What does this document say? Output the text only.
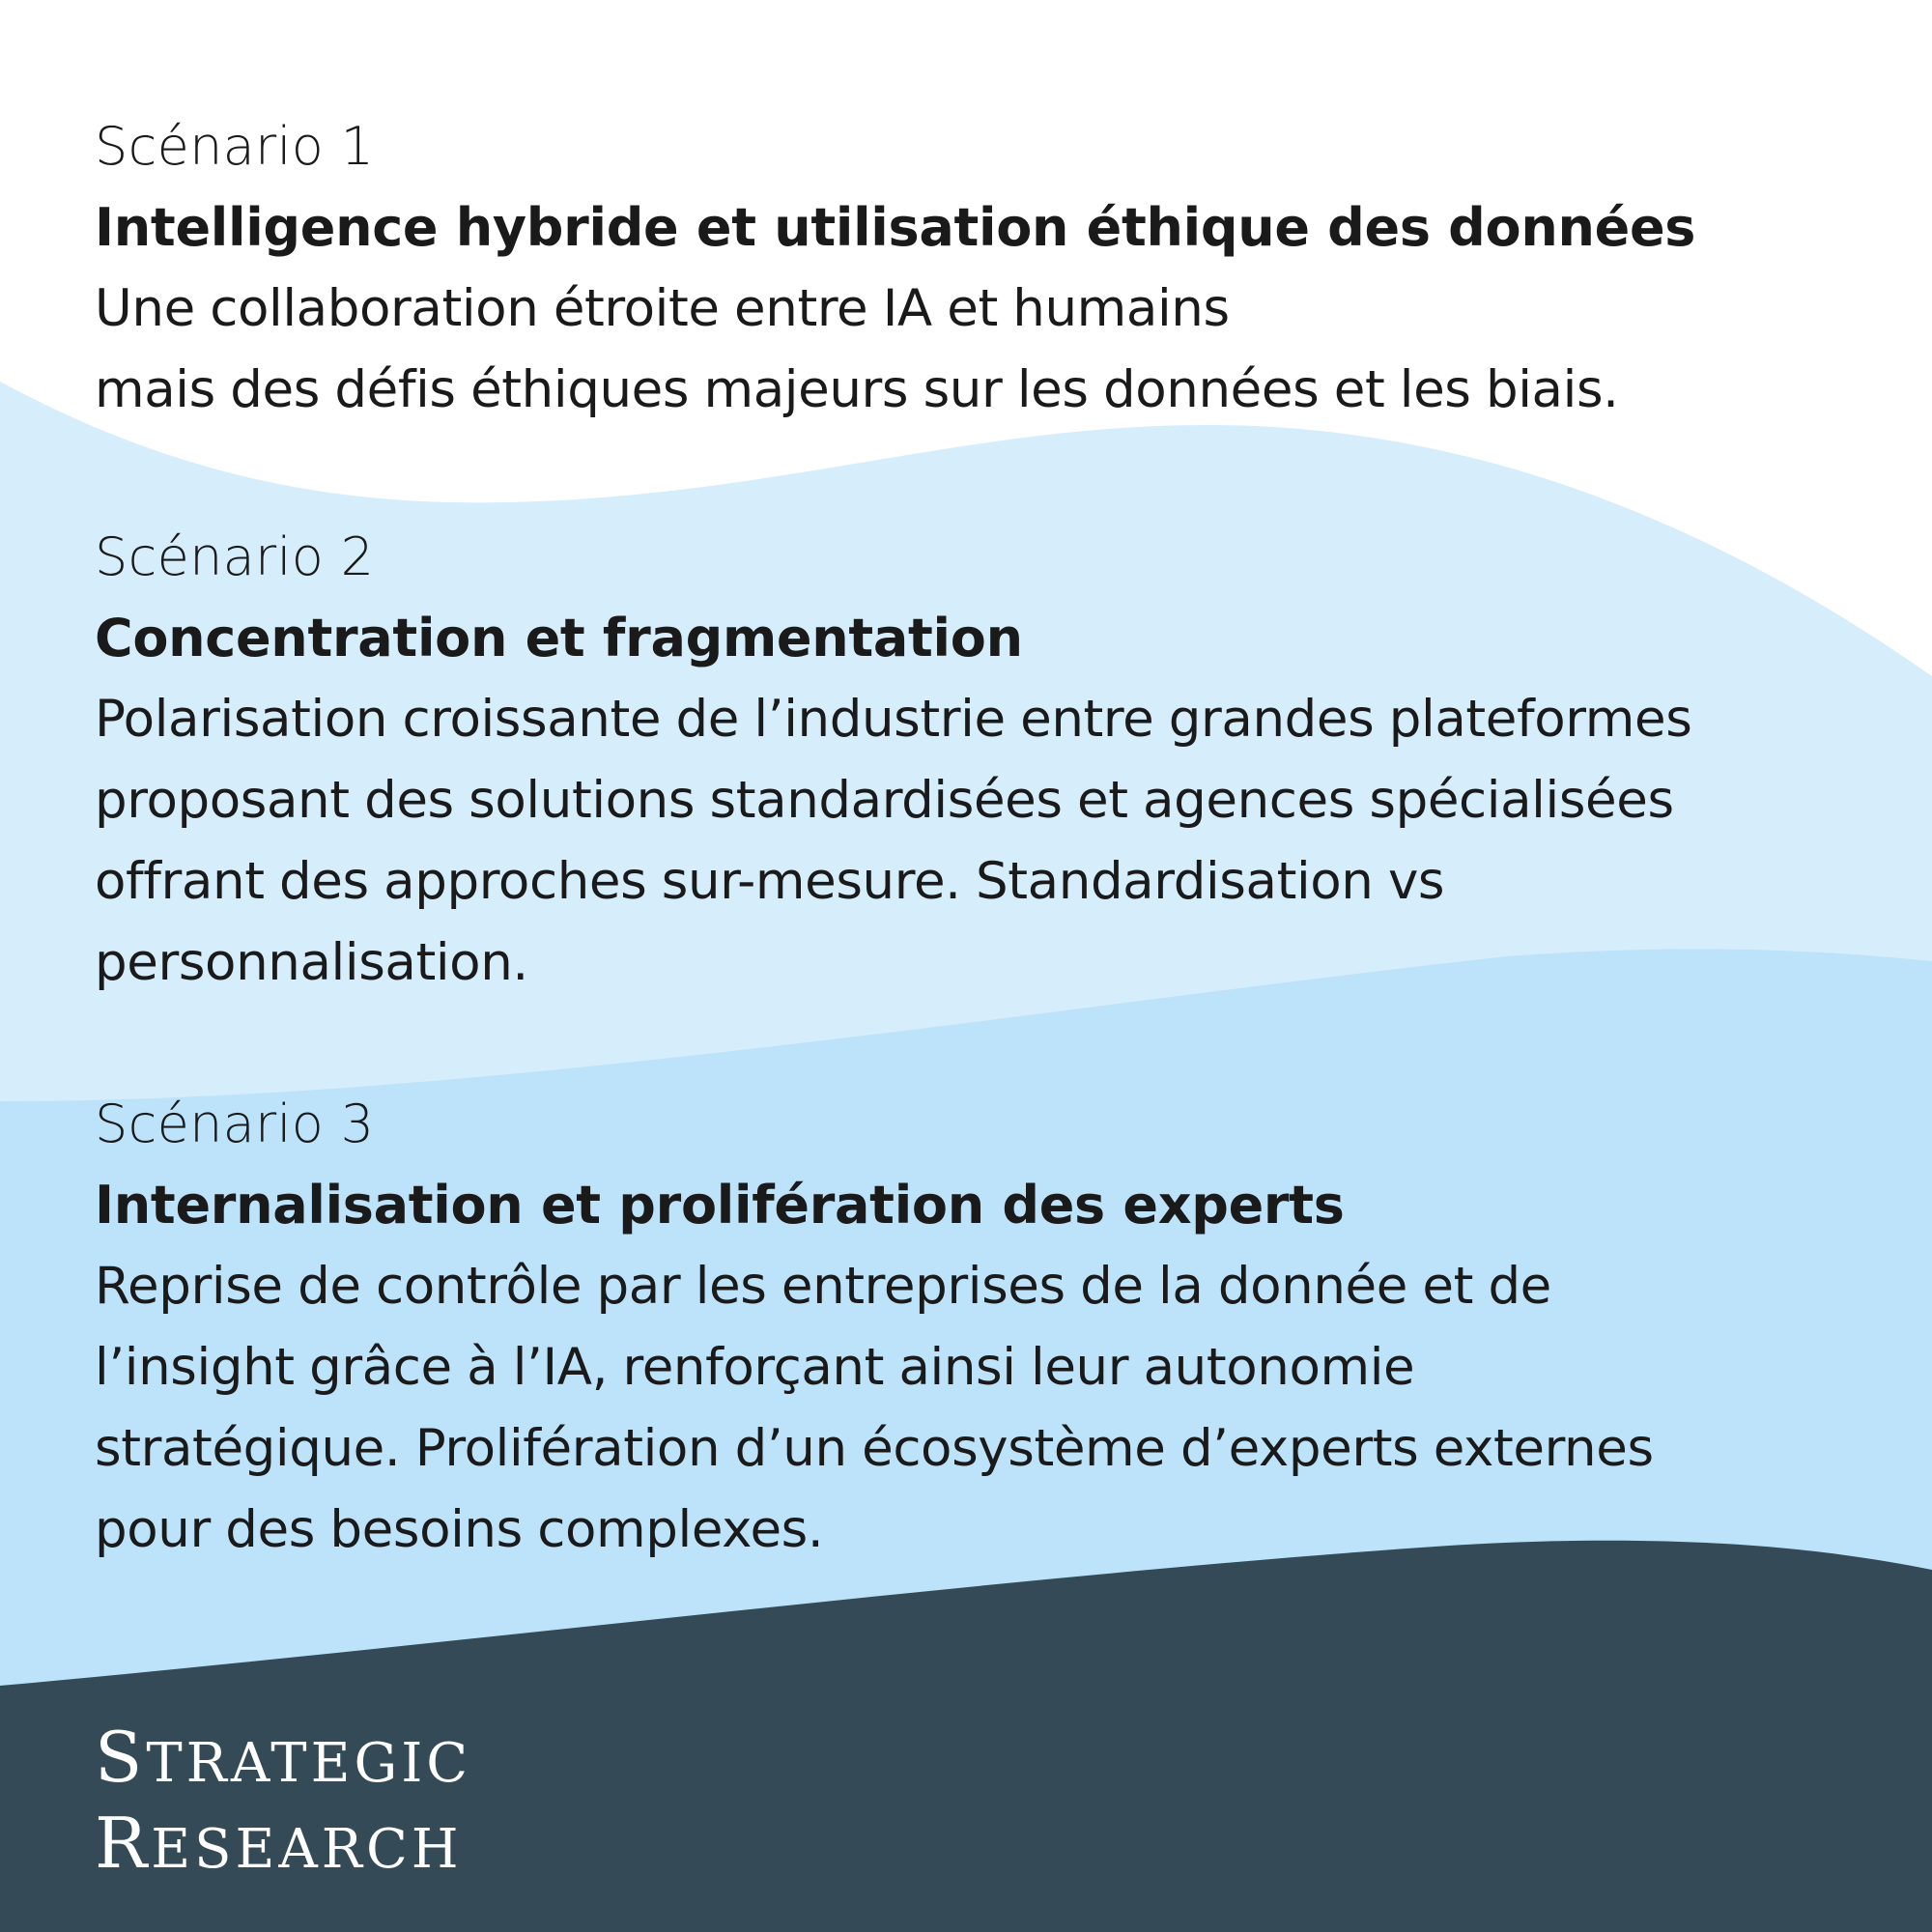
Scénario 1

Intelligence hybride et utilisation éthique des données

Une collaboration étroite entre IA et humains
mais des défis éthiques majeurs sur les données et les biais.

Scénario 2

Concentration et fragmentation

Polarisation croissante de l’industrie entre grandes plateformes
proposant des solutions standardisées et agences spécialisées
offrant des approches sur-mesure. Standardisation vs
personnalisation.

Scénario 3

Internalisation et prolifération des experts

Reprise de contrôle par les entreprises de la donnée et de
l’insight grâce à l’IA, renforçant ainsi leur autonomie
stratégique. Prolifération d’un écosystème d’experts externes
pour des besoins complexes.

STRATEGIC
RESEARCH
